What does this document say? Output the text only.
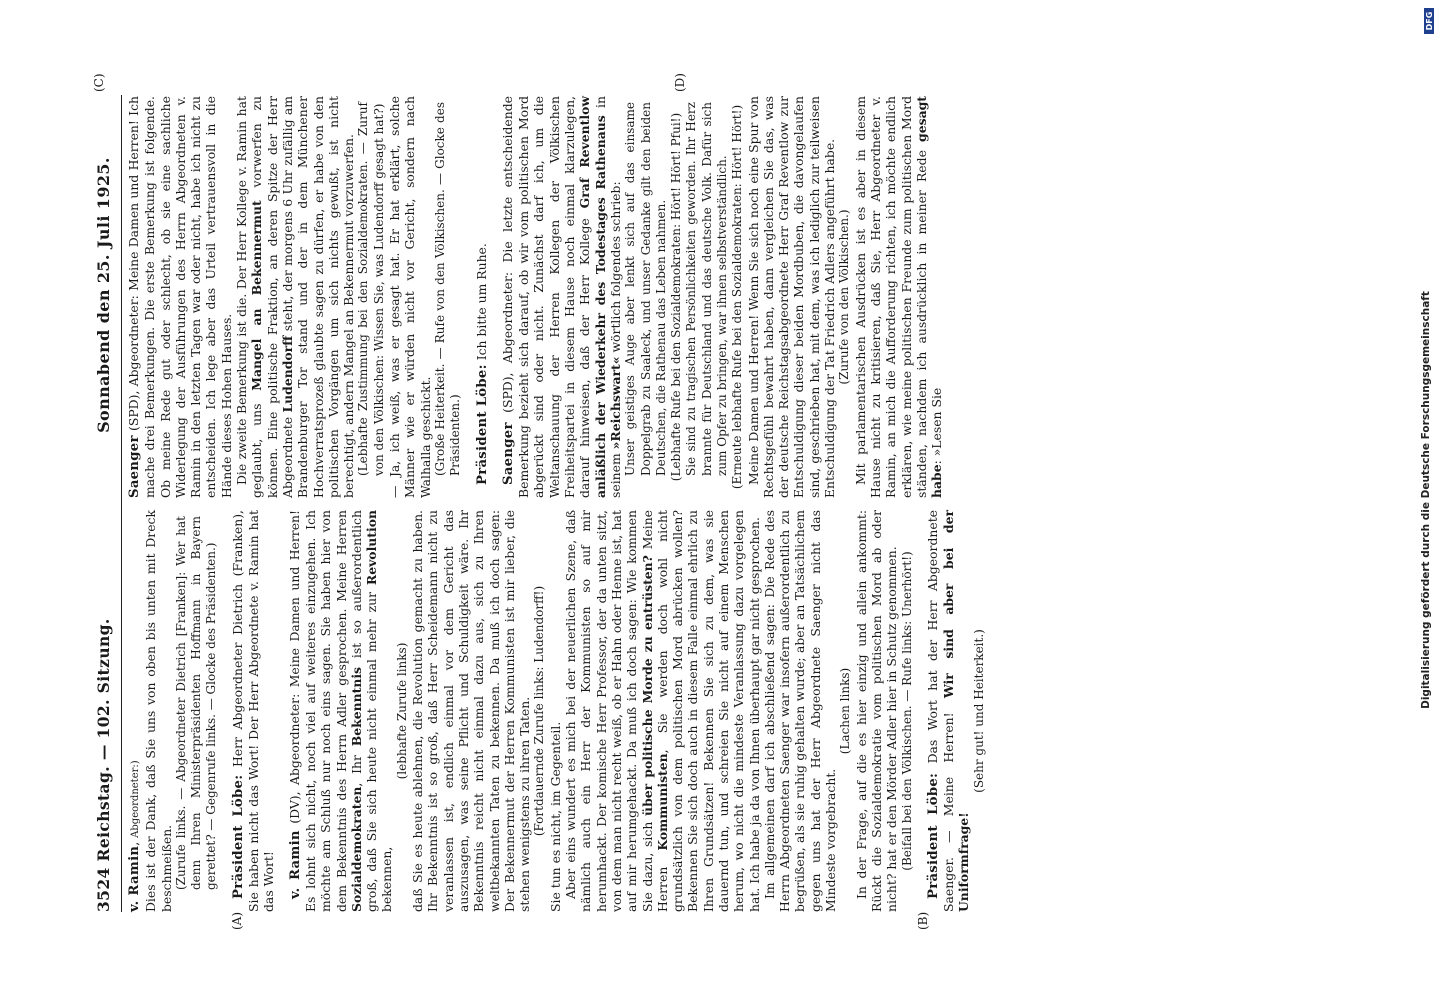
3524 Reichstag. — 102. Sitzung.
Sonnabend den 25. Juli 1925.

v. Ramin, Abgeordneter:) Dies ist der Dank, daß Sie uns von oben bis unten mit Dreck beschmeißen. (Zurufe links. — Abgeordneter Dietrich [Franken]: Wer hat denn Ihren Ministerpräsidenten Hoffmann in Bayern gerettet? — Gegenrufe links. — Glocke des Präsidenten.) Präsident Löbe: Herr Abgeordneter Dietrich (Franken), Sie haben nicht das Wort! Der Herr Abgeordnete v. Ramin hat das Wort! v. Ramin (DV), Abgeordneter: Meine Damen und Herren! Es lohnt sich nicht, noch viel auf weiteres einzugehen. Ich möchte am Schluß nur noch eins sagen. Sie haben hier von dem Bekenntnis des Herrn Adler gesprochen. Meine Herren Sozialdemokraten, Ihr Bekenntnis ist so außerordentlich groß, daß Sie sich heute nicht einmal mehr zur Revolution bekennen,

(lebhafte Zurufe links) daß Sie es heute ablehnen, die Revolution gemacht zu haben. Ihr Bekenntnis ist so groß, daß Herr Scheidemann nicht zu veranlassen ist, endlich einmal vor dem Gericht das auszusagen, was seine Pflicht und Schuldigkeit wäre. Ihr Bekenntnis reicht nicht einmal dazu aus, sich zu Ihren weltbekannten Taten zu bekennen. Da muß ich doch sagen: Der Bekennermut der Herren Kommunisten ist mir lieber, die stehen wenigstens zu ihren Taten. (Fortdauernde Zurufe links: Ludendorff!) Sie tun es nicht, im Gegenteil. Aber eins wundert es mich bei der neuerlichen Szene, daß nämlich auch ein Herr der Kommunisten so auf mir herumhackt. Der komische Herr Professor, der da unten sitzt, von dem man nicht recht weiß, ob er Hahn oder Henne ist, hat auf mir herumgehackt. Da muß ich doch sagen: Wie kommen Sie dazu, sich über politische Morde zu entrüsten? Meine Herren Kommunisten, Sie werden doch wohl nicht grundsätzlich von dem politischen Mord abrücken wollen? Bekennen Sie sich doch auch in diesem Falle einmal ehrlich zu Ihren Grundsätzen! Bekennen Sie sich zu dem, was sie dauernd tun, und schreien Sie nicht auf einem Menschen herum, wo nicht die mindeste Veranlassung dazu vorgelegen hat. Ich habe ja da von Ihnen überhaupt gar nicht gesprochen. Im allgemeinen darf ich abschließend sagen: Die Rede des Herrn Abgeordneten Saenger war insofern außerordentlich zu begrüßen, als sie ruhig gehalten wurde; aber an Tatsächlichem gegen uns hat der Herr Abgeordnete Saenger nicht das Mindeste vorgebracht.

(Lachen links) In der Frage, auf die es hier einzig und allein ankommt: Rückt die Sozialdemokratie vom politischen Mord ab oder nicht? hat er den Mörder Adler hier in Schutz genommen. (Beifall bei den Völkischen. — Rufe links: Unerhört!) Präsident Löbe: Das Wort hat der Herr Abgeordnete Saenger. — Meine Herren! Wir sind aber bei der Uniformfrage!

(Sehr gut! und Heiterkeit.)

Saenger (SPD), Abgeordneter: Meine Damen und Herren! Ich mache drei Bemerkungen. Die erste Bemerkung ist folgende. Ob meine Rede gut oder schlecht, ob sie eine sachliche Widerlegung der Ausführungen des Herrn Abgeordneten v. Ramin in den letzten Tagen war oder nicht, habe ich nicht zu entscheiden. Ich lege aber das Urteil vertrauensvoll in die Hände dieses Hohen Hauses. Die zweite Bemerkung ist die. Der Herr Kollege v. Ramin hat geglaubt, uns Mangel an Bekennermut vorwerfen zu können. Eine politische Fraktion, an deren Spitze der Herr Abgeordnete Ludendorff steht, der morgens 6 Uhr zufällig am Brandenburger Tor stand und der in dem Münchener Hochverratsprozeß glaubte sagen zu dürfen, er habe von den politischen Vorgängen um sich nichts gewußt, ist nicht berechtigt, andern Mangel an Bekennermut vorzuwerfen. (Lebhafte Zustimmung bei den Sozialdemokraten. — Zuruf von den Völkischen: Wissen Sie, was Ludendorff gesagt hat?) — Ja, ich weiß, was er gesagt hat. Er hat erklärt, solche Männer wie er würden nicht vor Gericht, sondern nach Walhalla geschickt. (Große Heiterkeit. — Rufe von den Völkischen. — Glocke des Präsidenten.) Präsident Löbe: Ich bitte um Ruhe.

Saenger (SPD), Abgeordneter: Die letzte entscheidende Bemerkung bezieht sich darauf, ob wir vom politischen Mord abgerückt sind oder nicht. Zunächst darf ich, um die Weltanschauung der Herren Kollegen der Völkischen Freiheitspartei in diesem Hause noch einmal klarzulegen, darauf hinweisen, daß der Herr Kollege Graf Reventlow anläßlich der Wiederkehr des Todestages Rathenaus in seinem »Reichswart« wörtlich folgendes schrieb: Unser geistiges Auge aber lenkt sich auf das einsame Doppelgrab zu Saaleck, und unser Gedanke gilt den beiden Deutschen, die Rathenau das Leben nahmen. (Lebhafte Rufe bei den Sozialdemokraten: Hört! Hört! Pfui!) Sie sind zu tragischen Persönlichkeiten geworden. Ihr Herz brannte für Deutschland und das deutsche Volk. Dafür sich zum Opfer zu bringen, war ihnen selbstverständlich. (Erneute lebhafte Rufe bei den Sozialdemokraten: Hört! Hört!) Meine Damen und Herren! Wenn Sie sich noch eine Spur von Rechtsgefühl bewahrt haben, dann vergleichen Sie das, was der deutsche Reichstagsabgeordnete Herr Graf Reventlow zur Entschuldigung dieser beiden Mordbuben, die davongelaufen sind, geschrieben hat, mit dem, was ich lediglich zur teilweisen Entschuldigung der Tat Friedrich Adlers angeführt habe. (Zurufe von den Völkischen.) Mit parlamentarischen Ausdrücken ist es aber in diesem Hause nicht zu kritisieren, daß Sie, Herr Abgeordneter v. Ramin, an mich die Aufforderung richten, ich möchte endlich erklären, wie meine politischen Freunde zum politischen Mord ständen, nachdem ich ausdrücklich in meiner Rede gesagt habe: »Lesen Sie

(A)	(B)
(C)	(D)
Digitalisierung gefördert durch die Deutsche Forschungsgemeinschaft
DFG
